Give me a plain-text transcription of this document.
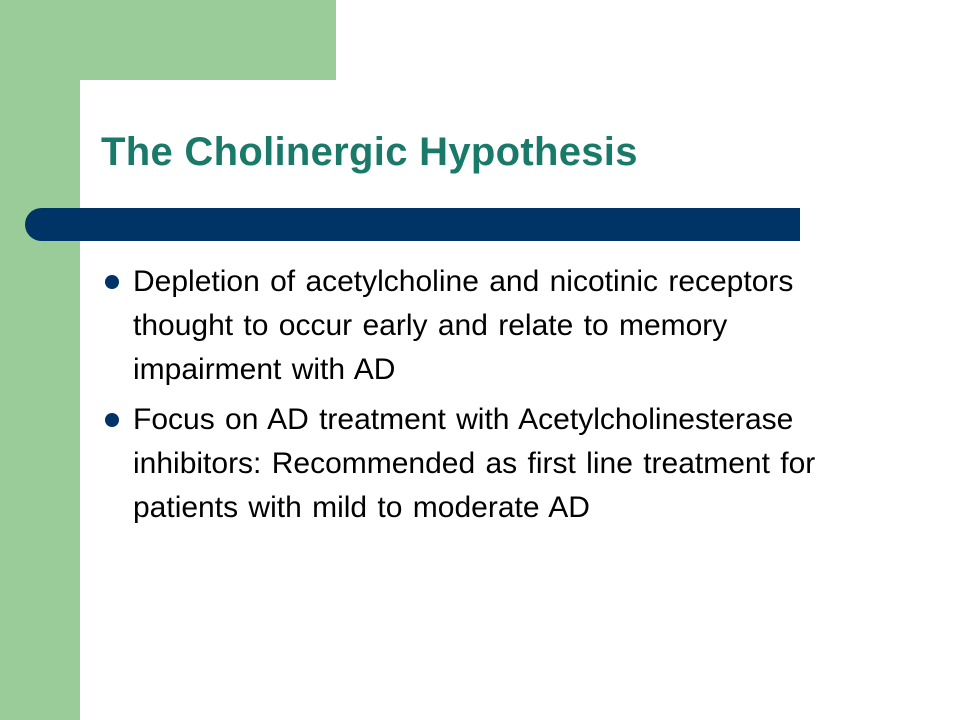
The Cholinergic Hypothesis
Depletion of acetylcholine and nicotinic receptors thought to occur early and relate to memory impairment with AD
Focus on AD treatment with Acetylcholinesterase inhibitors: Recommended as first line treatment for patients with mild to moderate AD
